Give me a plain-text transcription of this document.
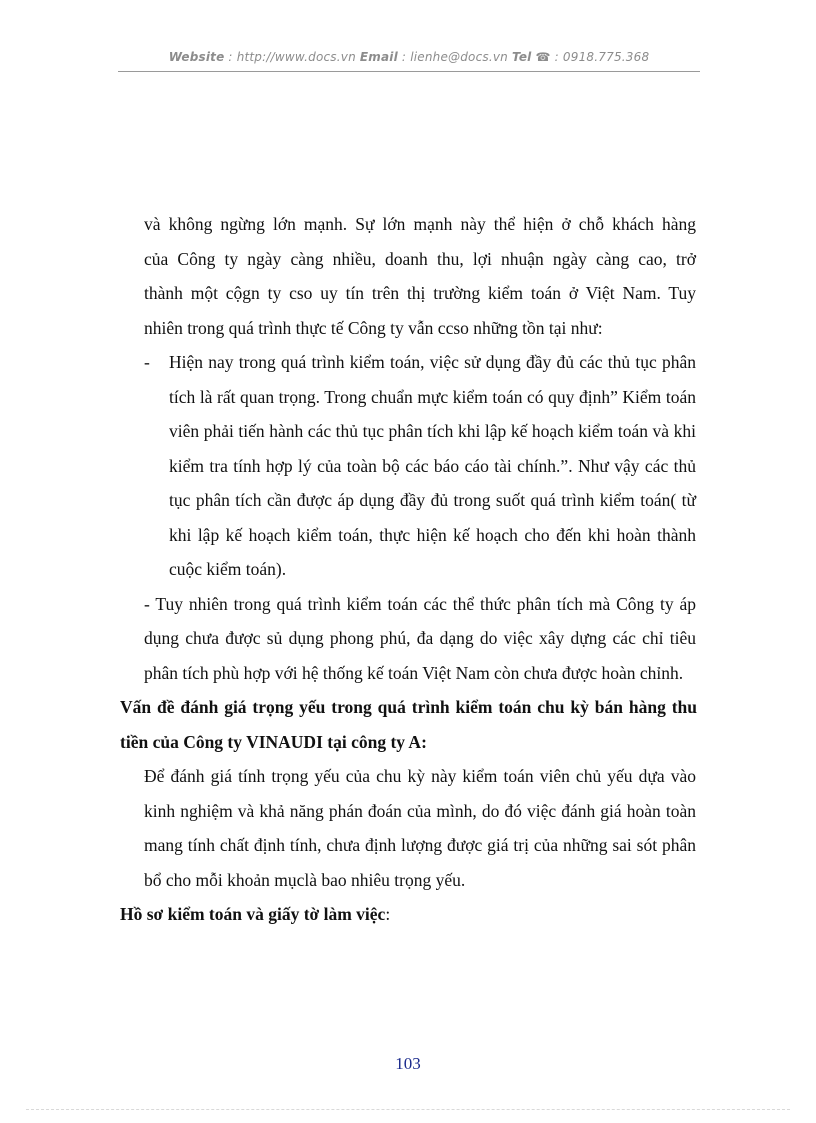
Website : http://www.docs.vn Email : lienhe@docs.vn Tel ☎ : 0918.775.368

và không ngừng lớn mạnh. Sự lớn mạnh này thể hiện ở chỗ khách hàng

của Công ty ngày càng nhiều, doanh thu, lợi nhuận ngày càng cao, trở

thành một cộgn ty cso uy tín trên thị trường kiểm toán ở Việt Nam. Tuy

nhiên trong quá trình thực tế Công ty vẫn ccso những tồn tại như:

-	Hiện nay trong quá trình kiểm toán, việc sử dụng đầy đủ các thủ tục phân tích là rất quan trọng. Trong chuẩn mực kiểm toán có quy định” Kiểm toán viên phải tiến hành các thủ tục phân tích khi lập kế hoạch kiểm toán và khi kiểm tra tính hợp lý của toàn bộ các báo cáo tài chính.”. Như vậy các thủ tục phân tích cần được áp dụng đầy đủ trong suốt quá trình kiểm toán( từ khi lập kế hoạch kiểm toán, thực hiện kế hoạch cho đến khi hoàn thành cuộc kiểm toán).

- Tuy nhiên trong quá trình kiểm toán các thể thức phân tích mà Công ty áp dụng chưa được sủ dụng phong phú, đa dạng do việc xây dựng các chỉ tiêu phân tích phù hợp với hệ thống kế toán Việt Nam còn chưa được hoàn chỉnh.

Vấn đề đánh giá trọng yếu trong quá trình kiểm toán chu kỳ bán hàng thu tiền của Công ty VINAUDI tại công ty A:

Để đánh giá tính trọng yếu của chu kỳ này kiểm toán viên chủ yếu dựa vào kinh nghiệm và khả năng phán đoán của mình, do đó việc đánh giá hoàn toàn mang tính chất định tính, chưa định lượng được giá trị của những sai sót phân bổ cho mỗi khoản mụclà bao nhiêu trọng yếu.

Hồ sơ kiểm toán và giấy tờ làm việc:

103
